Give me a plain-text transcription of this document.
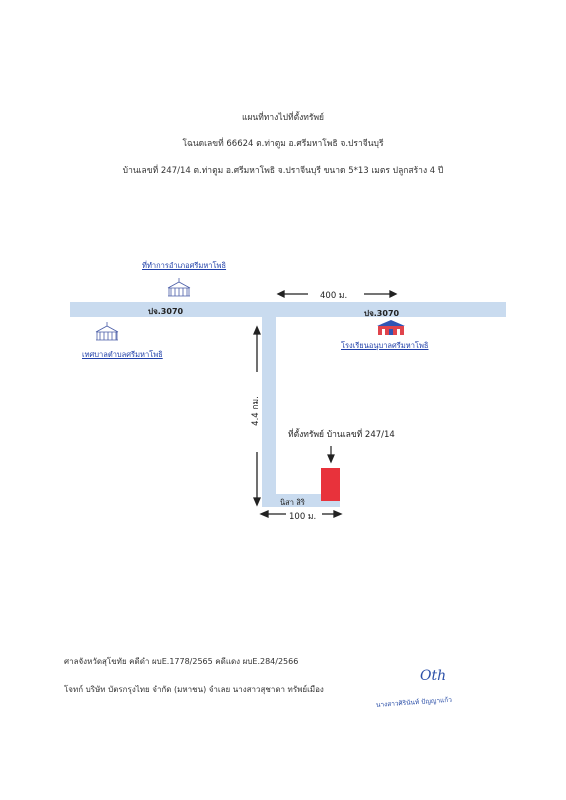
แผนที่ทางไปที่ตั้งทรัพย์
โฉนดเลขที่ 66624 ต.ท่าตูม อ.ศรีมหาโพธิ จ.ปราจีนบุรี
บ้านเลขที่ 247/14 ต.ท่าตูม อ.ศรีมหาโพธิ จ.ปราจีนบุรี ขนาด 5*13 เมตร ปลูกสร้าง 4 ปี
ที่ทำการอำเภอศรีมหาโพธิ
เทศบาลตำบลศรีมหาโพธิ
โรงเรียนอนุบาลศรีมหาโพธิ
ปจ.3070	ปจ.3070
นิสา สิริ
400 ม.
4.4 กม.
100 ม.
ที่ตั้งทรัพย์ บ้านเลขที่ 247/14
ศาลจังหวัดสุโขทัย คดีดำ ผบE.1778/2565 คดีแดง ผบE.284/2566
โจทก์ บริษัท บัตรกรุงไทย จำกัด (มหาชน) จำเลย นางสาวสุชาดา ทรัพย์เมือง
Oth
นางสาวศิรินันท์ ปัญญาแก้ว
